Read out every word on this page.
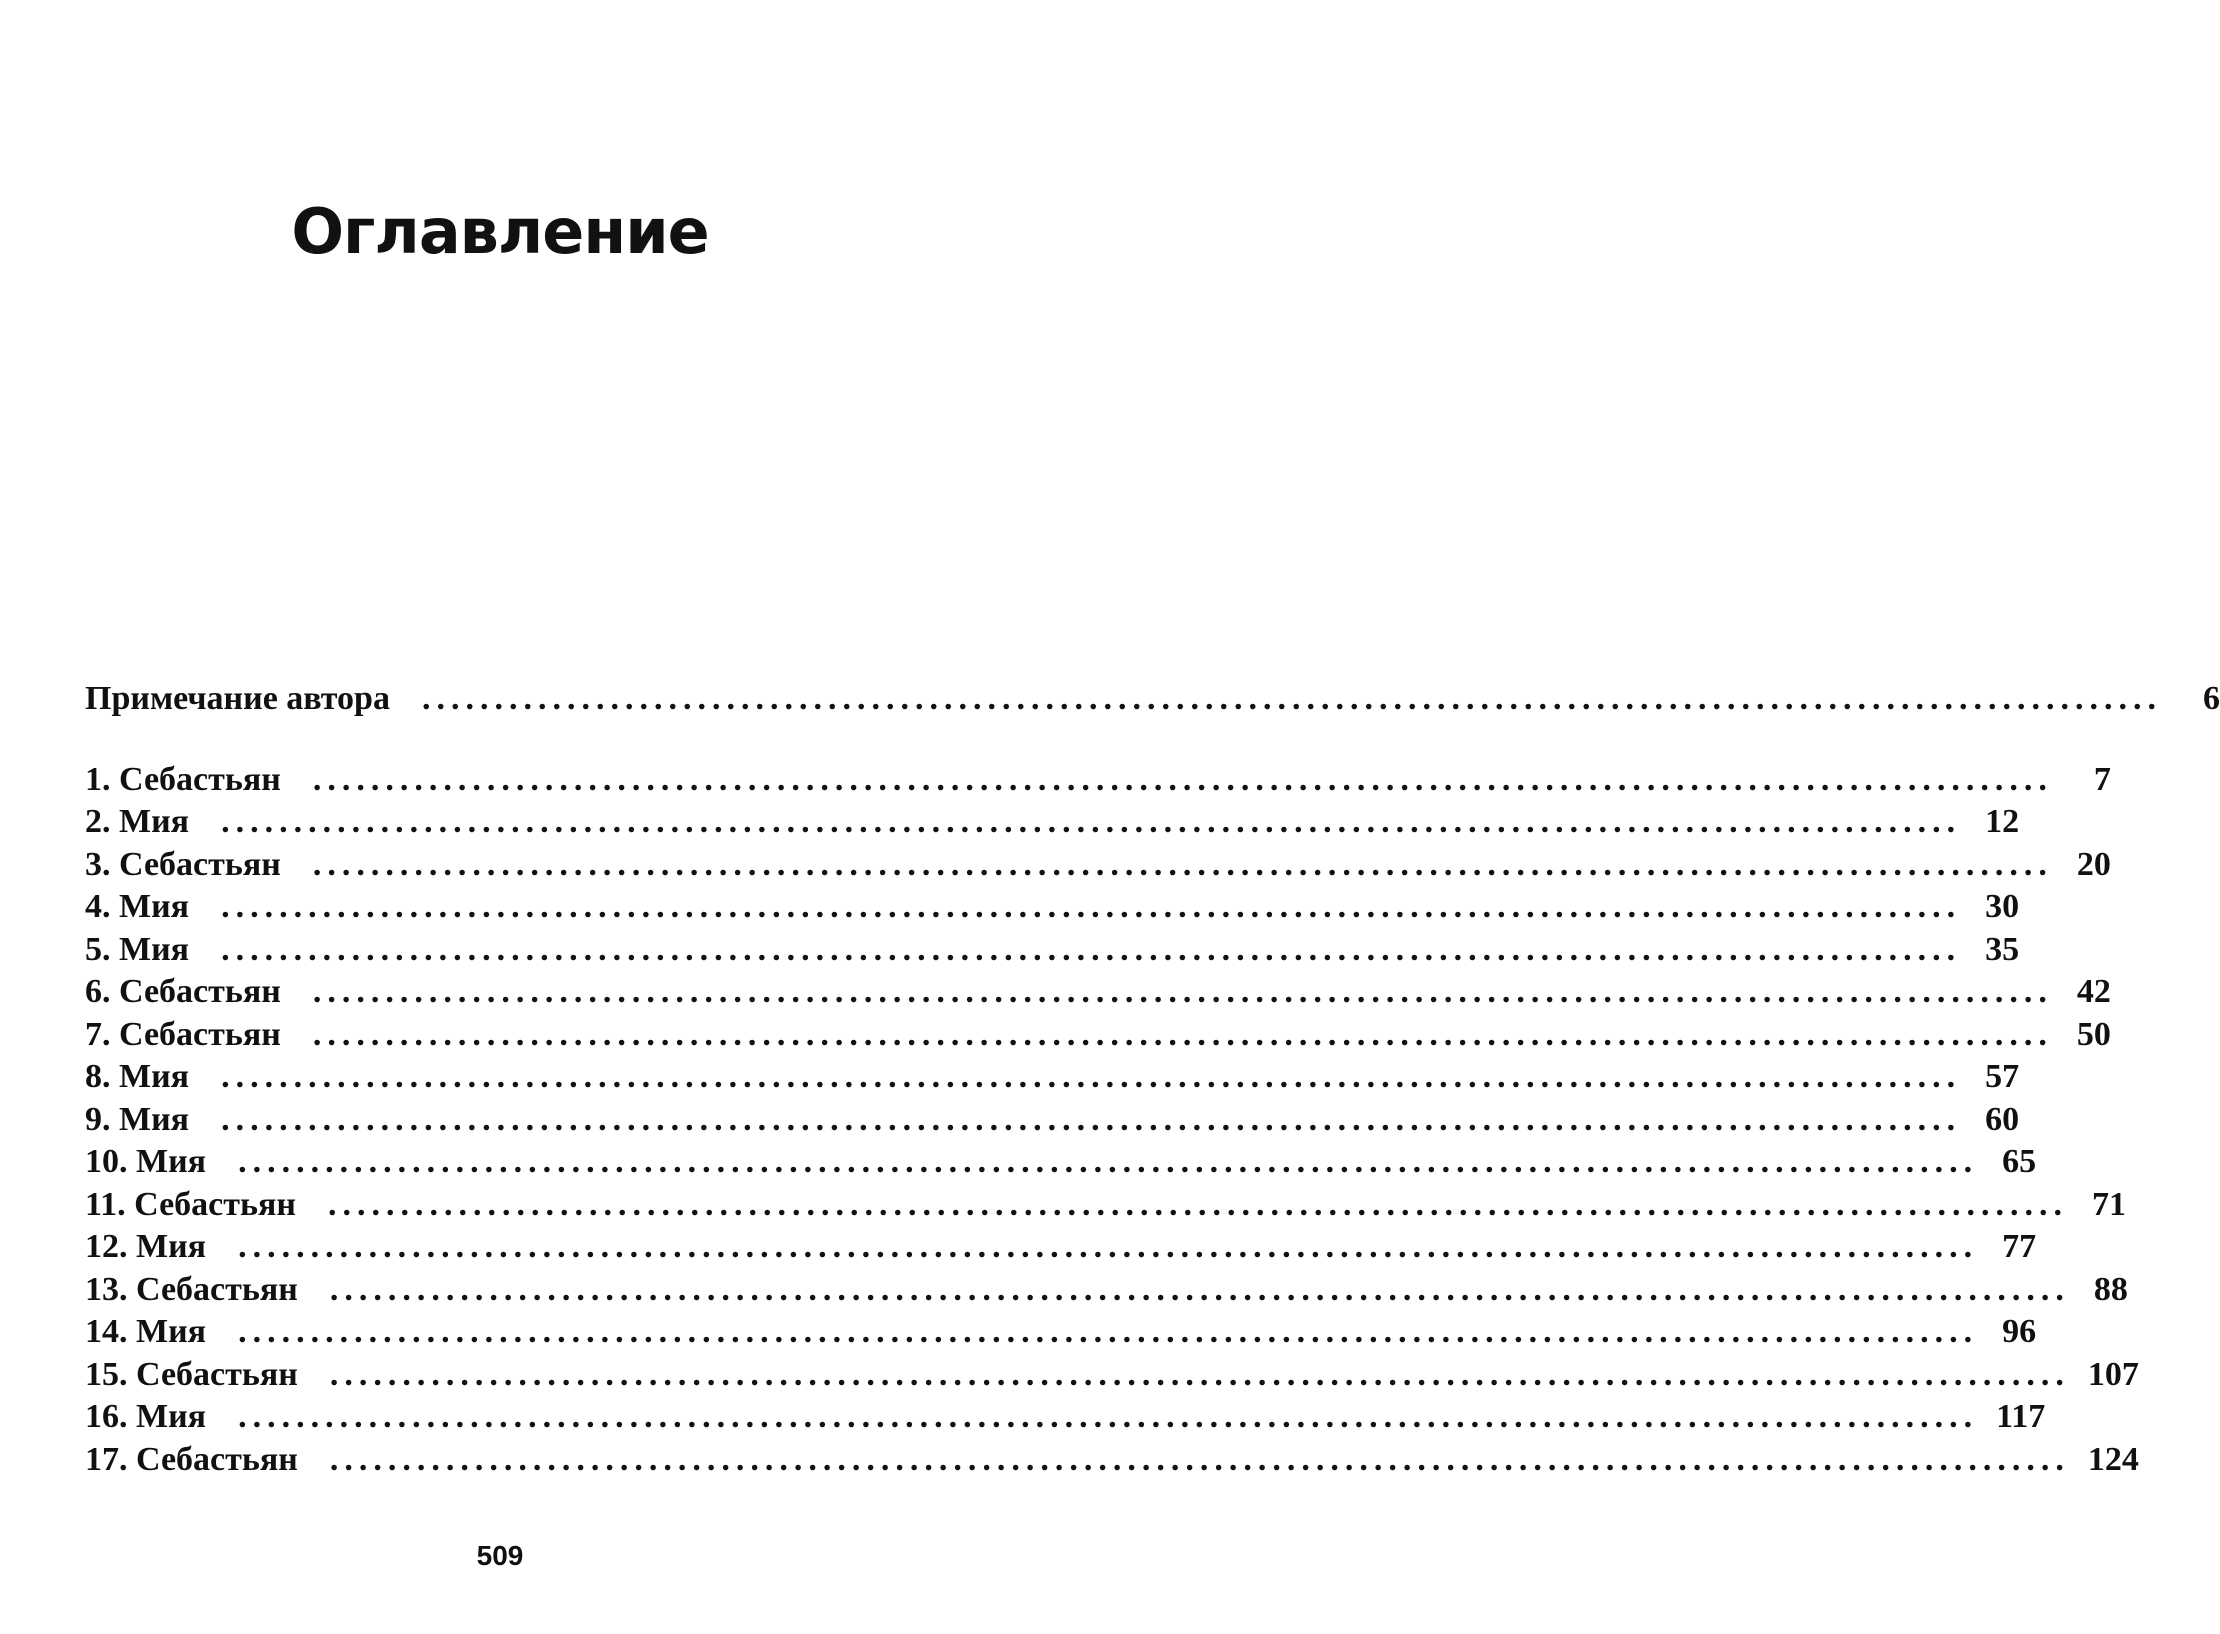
Оглавление
Примечание автора ........................................................................................................................	6
1. Себастьян ........................................................................................................................	7
2. Мия ........................................................................................................................ 12
3. Себастьян ........................................................................................................................ 20
4. Мия ........................................................................................................................ 30
5. Мия ........................................................................................................................ 35
6. Себастьян ........................................................................................................................ 42
7. Себастьян ........................................................................................................................ 50
8. Мия ........................................................................................................................ 57
9. Мия ........................................................................................................................ 60
10. Мия ........................................................................................................................ 65
11. Себастьян ........................................................................................................................ 71
12. Мия ........................................................................................................................ 77
13. Себастьян ........................................................................................................................ 88
14. Мия ........................................................................................................................ 96
15. Себастьян ........................................................................................................................ 107
16. Мия ........................................................................................................................ 117
17. Себастьян ........................................................................................................................ 124
509
